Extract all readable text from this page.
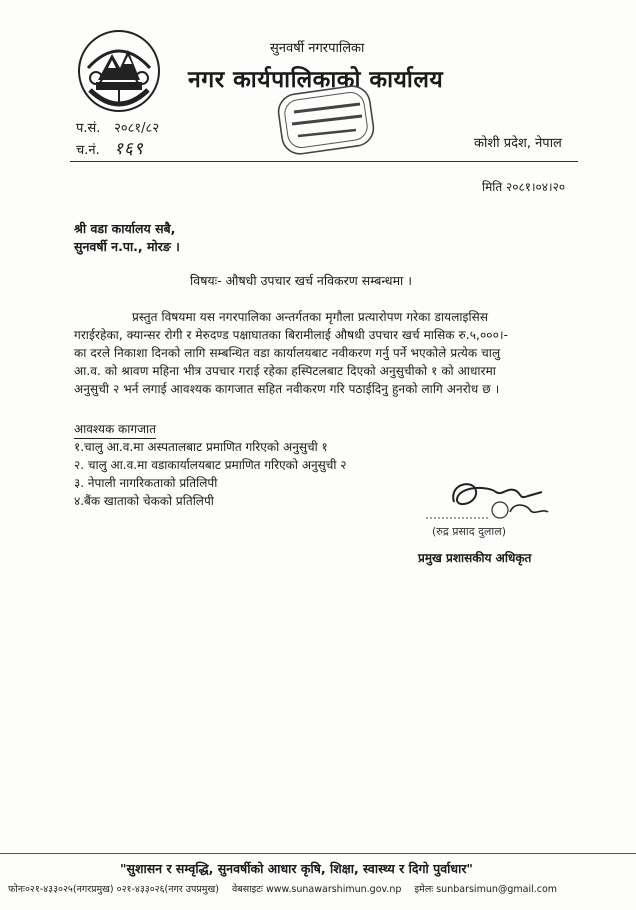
सुनवर्षी नगरपालिका
नगर कार्यपालिकाको कार्यालय
प.सं. २०८१/८२
च.नं. १६९	कोशी प्रदेश, नेपाल
मिति २०८१।०४।२०
श्री वडा कार्यालय सबै,
सुनवर्षी न.पा., मोरङ ।
विषयः- औषधी उपचार खर्च नविकरण सम्बन्धमा ।
प्रस्तुत विषयमा यस नगरपालिका अन्तर्गतका मृगौला प्रत्यारोपण गरेका डायलाइसिस
गराईरहेका, क्यान्सर रोगी र मेरुदण्ड पक्षाघातका बिरामीलाई औषधी उपचार खर्च मासिक रु.५,०००।-
का दरले निकाशा दिनको लागि सम्बन्धित वडा कार्यालयबाट नवीकरण गर्नु पर्ने भएकोले प्रत्येक चालु
आ.व. को श्रावण महिना भीत्र उपचार गराई रहेका हस्पिटलबाट दिएको अनुसुचीको १ को आधारमा
अनुसुची २ भर्न लगाई आवश्यक कागजात सहित नवीकरण गरि पठाईदिनु हुनको लागि अनरोध छ ।
आवश्यक कागजात
१.चालु आ.व.मा अस्पतालबाट प्रमाणित गरिएको अनुसुची १
२. चालु आ.व.मा वडाकार्यालयबाट प्रमाणित गरिएको अनुसुची २
३. नेपाली नागरिकताको प्रतिलिपी
४.बैंक खाताको चेकको प्रतिलिपी
(रुद्र प्रसाद दुलाल)
प्रमुख प्रशासकीय अधिकृत
"सुशासन र सम्वृद्धि, सुनवर्षीको आधार कृषि, शिक्षा, स्वास्थ्य र दिगो पुर्वाधार"
फोनः०२१-४३३०२५(नगरप्रमुख) ०२१-४३३०२६(नगर उपप्रमुख) वेबसाइटः www.sunawarshimun.gov.np इमेलः sunbarsimun@gmail.com
